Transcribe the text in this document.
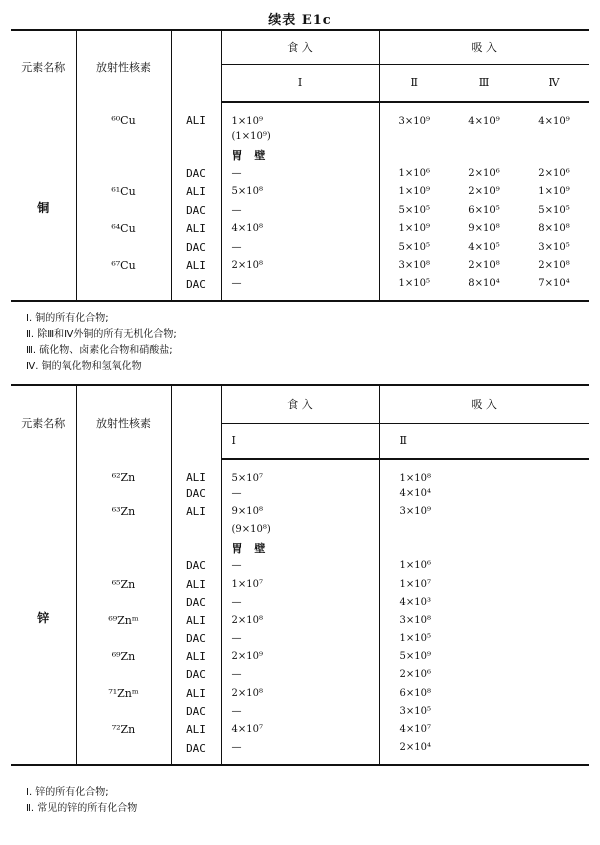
续表 E1c
元素名称	放射性核素		食 入	吸 入		
			Ⅰ	Ⅱ	Ⅲ	Ⅳ
铜	⁶⁰Cu	ALI	1×10⁹	3×10⁹	4×10⁹	4×10⁹
			(1×10⁹)			
			胃 壁			
		DAC	—	1×10⁶	2×10⁶	2×10⁶
	⁶¹Cu	ALI	5×10⁸	1×10⁹	2×10⁹	1×10⁹
		DAC	—	5×10⁵	6×10⁵	5×10⁵
	⁶⁴Cu	ALI	4×10⁸	1×10⁹	9×10⁸	8×10⁸
		DAC	—	5×10⁵	4×10⁵	3×10⁵
	⁶⁷Cu	ALI	2×10⁸	3×10⁸	2×10⁸	2×10⁸
		DAC	—	1×10⁵	8×10⁴	7×10⁴
Ⅰ. 铜的所有化合物;
Ⅱ. 除Ⅲ和Ⅳ外铜的所有无机化合物;
Ⅲ. 硫化物、卤素化合物和硝酸盐;
Ⅳ. 铜的氧化物和氢氧化物
元素名称	放射性核素		食 入	吸 入
			Ⅰ	Ⅱ
锌	⁶²Zn	ALI	5×10⁷	1×10⁸
		DAC	—	4×10⁴
	⁶³Zn	ALI	9×10⁸	3×10⁹
			(9×10⁸)	
			胃 壁	
		DAC	—	1×10⁶
	⁶⁵Zn	ALI	1×10⁷	1×10⁷
		DAC	—	4×10³
	⁶⁹Znᵐ	ALI	2×10⁸	3×10⁸
		DAC	—	1×10⁵
	⁶⁹Zn	ALI	2×10⁹	5×10⁹
		DAC	—	2×10⁶
	⁷¹Znᵐ	ALI	2×10⁸	6×10⁸
		DAC	—	3×10⁵
	⁷²Zn	ALI	4×10⁷	4×10⁷
		DAC	—	2×10⁴
Ⅰ. 锌的所有化合物;
Ⅱ. 常见的锌的所有化合物
